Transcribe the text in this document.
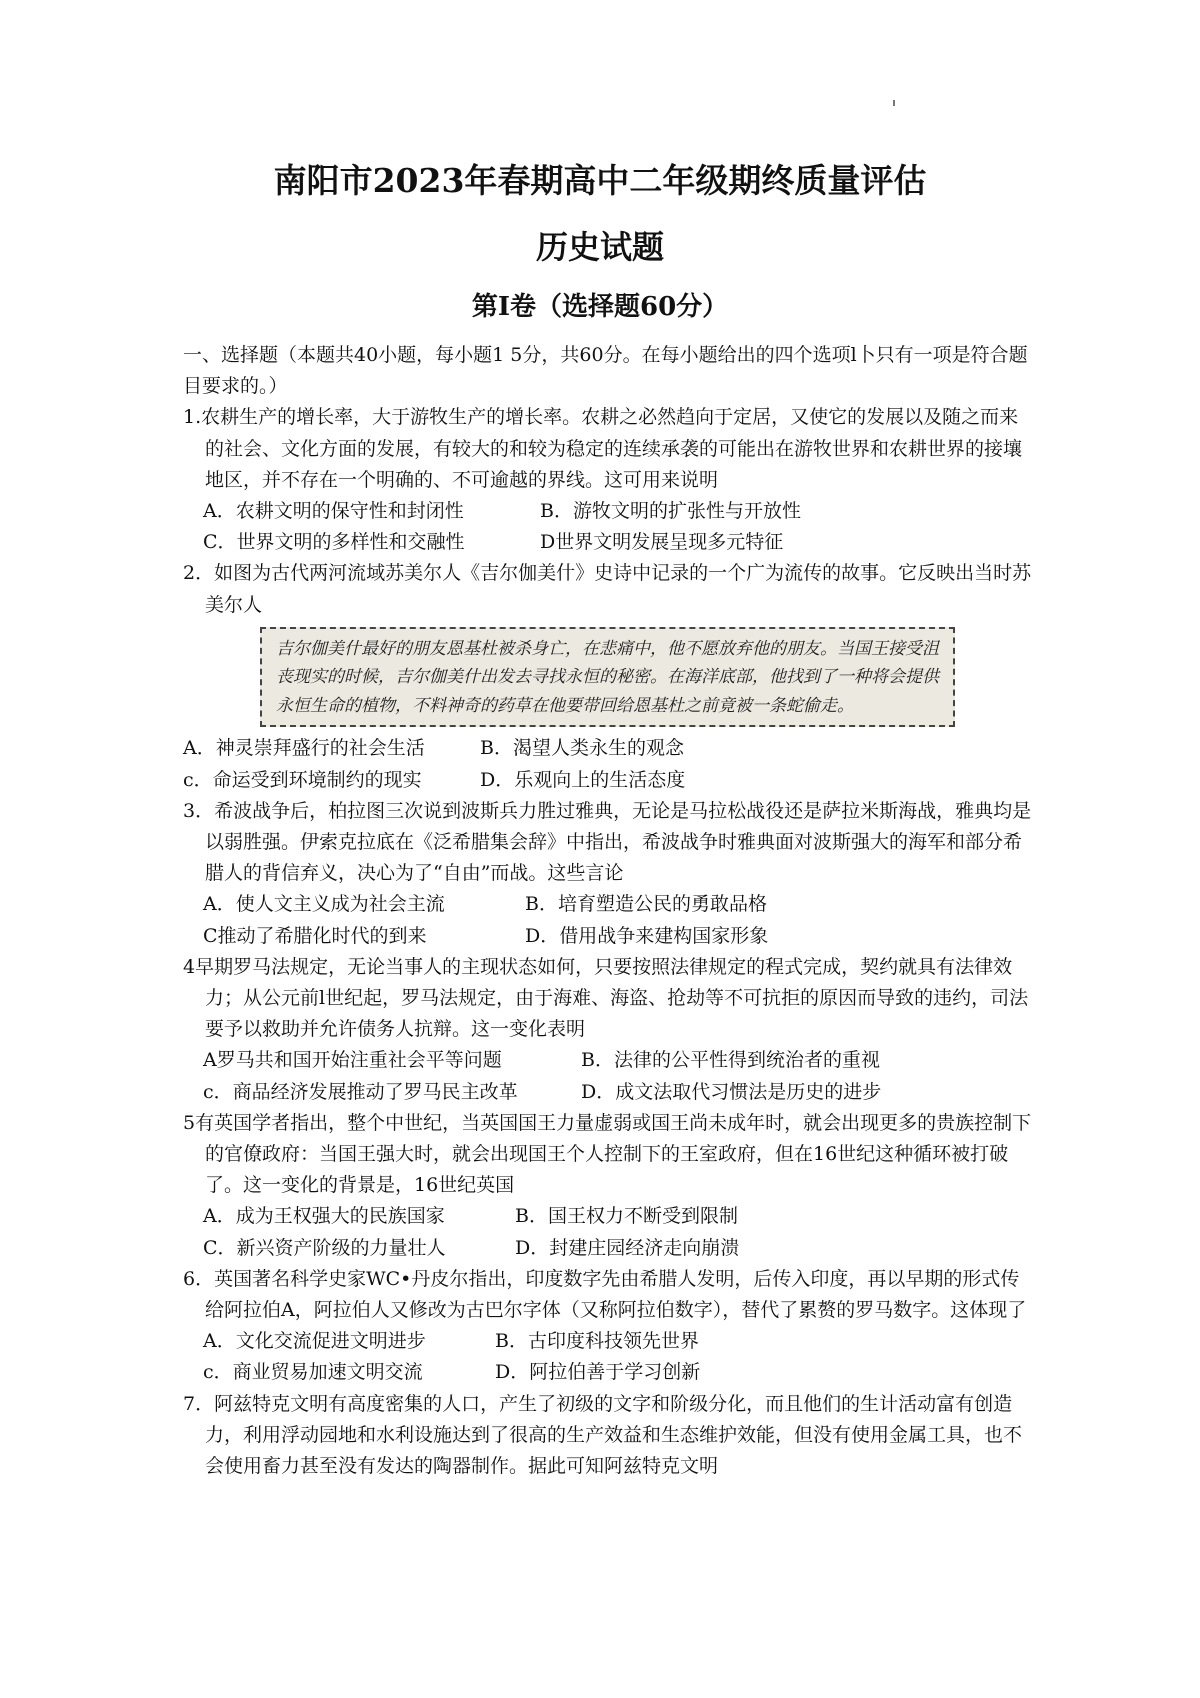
南阳市2023年春期高中二年级期终质量评估
历史试题
第Ⅰ卷（选择题60分）

一、选择题（本题共40小题，每小题1 5分，共60分。在每小题给出的四个选项l卜只有一项是符合题目要求的。）

1.农耕生产的增长率，大于游牧生产的增长率。农耕之必然趋向于定居，又使它的发展以及随之而来的社会、文化方面的发展，有较大的和较为稳定的连续承袭的可能出在游牧世界和农耕世界的接壤地区，并不存在一个明确的、不可逾越的界线。这可用来说明
A．农耕文明的保守性和封闭性	B．游牧文明的扩张性与开放性
C．世界文明的多样性和交融性	D世界文明发展呈现多元特征
2．如图为古代两河流域苏美尔人《吉尔伽美什》史诗中记录的一个广为流传的故事。它反映出当时苏美尔人
吉尔伽美什最好的朋友恩基杜被杀身亡，在悲痛中，他不愿放弃他的朋友。当国王接受沮丧现实的时候，吉尔伽美什出发去寻找永恒的秘密。在海洋底部，他找到了一种将会提供永恒生命的植物，不料神奇的药草在他要带回给恩基杜之前竟被一条蛇偷走。
A．神灵崇拜盛行的社会生活	B．渴望人类永生的观念
c．命运受到环境制约的现实	D．乐观向上的生活态度
3．希波战争后，柏拉图三次说到波斯兵力胜过雅典，无论是马拉松战役还是萨拉米斯海战，雅典均是以弱胜强。伊索克拉底在《泛希腊集会辞》中指出，希波战争时雅典面对波斯强大的海军和部分希腊人的背信弃义，决心为了“自由”而战。这些言论
A．使人文主义成为社会主流	B．培育塑造公民的勇敢品格
C推动了希腊化时代的到来	D．借用战争来建构国家形象
4早期罗马法规定，无论当事人的主现状态如何，只要按照法律规定的程式完成，契约就具有法律效力；从公元前l世纪起，罗马法规定，由于海难、海盗、抢劫等不可抗拒的原因而导致的违约，司法要予以救助并允许债务人抗辩。这一变化表明
A罗马共和国开始注重社会平等问题	B．法律的公平性得到统治者的重视
c．商品经济发展推动了罗马民主改革	D．成文法取代习惯法是历史的进步
5有英国学者指出，整个中世纪，当英国国王力量虚弱或国王尚未成年时，就会出现更多的贵族控制下的官僚政府：当国王强大时，就会出现国王个人控制下的王室政府，但在16世纪这种循环被打破了。这一变化的背景是，16世纪英国
A．成为王权强大的民族国家	B．国王权力不断受到限制
C．新兴资产阶级的力量壮人	D．封建庄园经济走向崩溃
6．英国著名科学史家WC•丹皮尔指出，印度数字先由希腊人发明，后传入印度，再以早期的形式传给阿拉伯A，阿拉伯人又修改为古巴尔字体（又称阿拉伯数字），替代了累赘的罗马数字。这体现了
A．文化交流促进文明进步	B．古印度科技领先世界
c．商业贸易加速文明交流	D．阿拉伯善于学习创新
7．阿兹特克文明有高度密集的人口，产生了初级的文字和阶级分化，而且他们的生计活动富有创造力，利用浮动园地和水利设施达到了很高的生产效益和生态维护效能，但没有使用金属工具，也不会使用畜力甚至没有发达的陶器制作。据此可知阿兹特克文明
